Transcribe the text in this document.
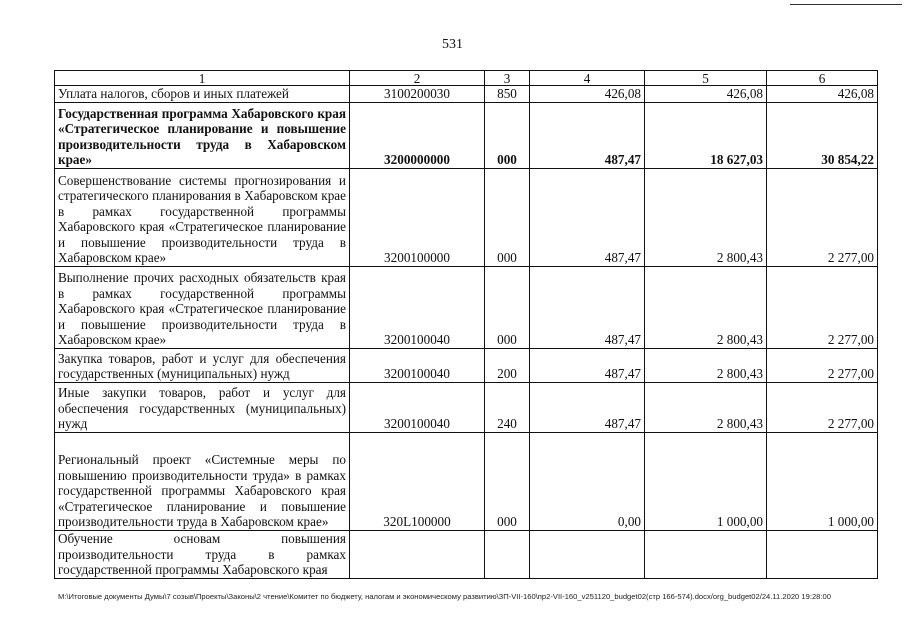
531
1	2	3	4	5	6
Уплата налогов, сборов и иных платежей	3100200030	850	426,08	426,08	426,08
Государственная программа Хабаровского края «Стратегическое планирование и повышение производительности труда в Хабаровском крае»	3200000000	000	487,47	18 627,03	30 854,22
Совершенствование системы прогнозирования и стратегического планирования в Хабаровском крае в рамках государственной программы Хабаровского края «Стратегическое планирование и повышение производительности труда в Хабаровском крае»	3200100000	000	487,47	2 800,43	2 277,00
Выполнение прочих расходных обязательств края в рамках государственной программы Хабаровского края «Стратегическое планирование и повышение производительности труда в Хабаровском крае»	3200100040	000	487,47	2 800,43	2 277,00
Закупка товаров, работ и услуг для обеспечения государственных (муниципальных) нужд	3200100040	200	487,47	2 800,43	2 277,00
Иные закупки товаров, работ и услуг для обеспечения государственных (муниципальных) нужд	3200100040	240	487,47	2 800,43	2 277,00
Региональный проект «Системные меры по повышению производительности труда» в рамках государственной программы Хабаровского края «Стратегическое планирование и повышение производительности труда в Хабаровском крае»	320L100000	000	0,00	1 000,00	1 000,00
Обучение основам повышения производительности труда в рамках государственной программы Хабаровского края					
M:\Итоговые документы Думы\7 созыв\Проекты\Законы\2 чтение\Комитет по бюджету, налогам и экономическому развитию\ЗП-VII-160\пр2-VII-160_v251120_budget02(стр 166-574).docx/org_budget02/24.11.2020 19:28:00
